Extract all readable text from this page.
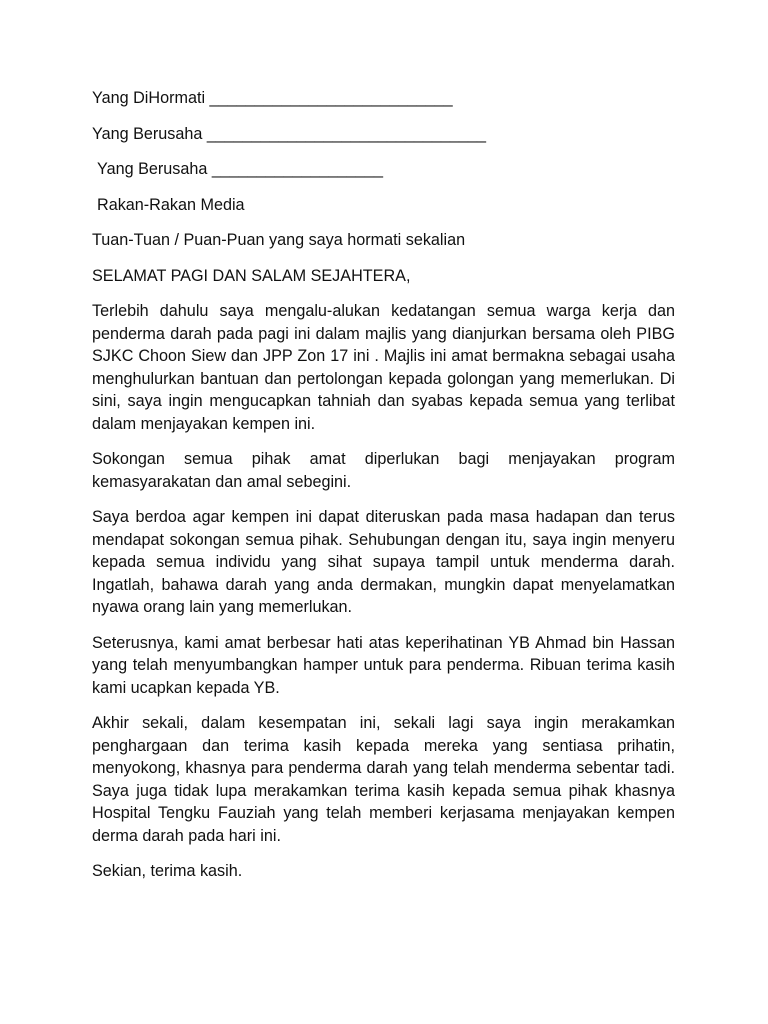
Yang DiHormati ___________________________
Yang Berusaha _______________________________
Yang Berusaha ___________________
Rakan-Rakan Media
Tuan-Tuan / Puan-Puan yang saya hormati sekalian
SELAMAT PAGI DAN SALAM SEJAHTERA,

Terlebih dahulu saya mengalu-alukan kedatangan semua warga kerja dan penderma darah pada pagi ini dalam majlis yang dianjurkan bersama oleh PIBG SJKC Choon Siew dan JPP Zon 17 ini . Majlis ini amat bermakna sebagai usaha menghulurkan bantuan dan pertolongan kepada golongan yang memerlukan. Di sini, saya ingin mengucapkan tahniah dan syabas kepada semua yang terlibat dalam menjayakan kempen ini.

Sokongan semua pihak amat diperlukan bagi menjayakan program kemasyarakatan dan amal sebegini.

Saya berdoa agar kempen ini dapat diteruskan pada masa hadapan dan terus mendapat sokongan semua pihak. Sehubungan dengan itu, saya ingin menyeru kepada semua individu yang sihat supaya tampil untuk menderma darah. Ingatlah, bahawa darah yang anda dermakan, mungkin dapat menyelamatkan nyawa orang lain yang memerlukan.

Seterusnya, kami amat berbesar hati atas keperihatinan YB Ahmad bin Hassan yang telah menyumbangkan hamper untuk para penderma. Ribuan terima kasih kami ucapkan kepada YB.

Akhir sekali, dalam kesempatan ini, sekali lagi saya ingin merakamkan penghargaan dan terima kasih kepada mereka yang sentiasa prihatin, menyokong, khasnya para penderma darah yang telah menderma sebentar tadi. Saya juga tidak lupa merakamkan terima kasih kepada semua pihak khasnya Hospital Tengku Fauziah yang telah memberi kerjasama menjayakan kempen derma darah pada hari ini.

Sekian, terima kasih.
